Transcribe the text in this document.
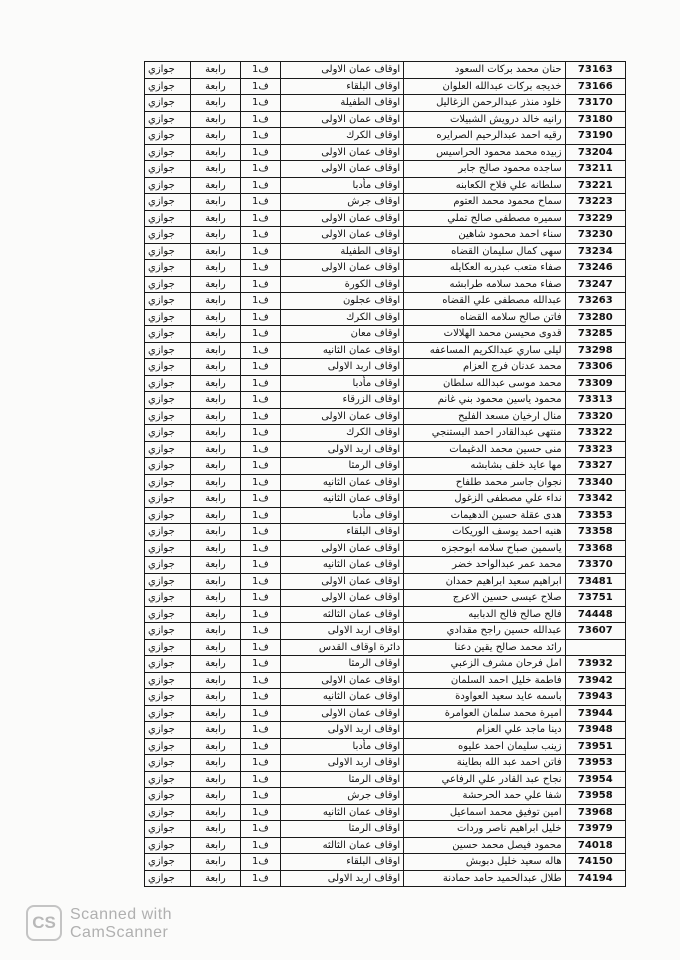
73163	حنان محمد بركات السعود	اوقاف عمان الاولى	ف1	رابعة	جوازي
73166	خديجه بركات عبدالله العلوان	اوقاف البلقاء	ف1	رابعة	جوازي
73170	خلود منذر عبدالرحمن الزغاليل	اوقاف الطفيلة	ف1	رابعة	جوازي
73180	رانيه خالد درويش الشبيلات	اوقاف عمان الاولى	ف1	رابعة	جوازي
73190	رقيه احمد عبدالرحيم الصرايره	اوقاف الكرك	ف1	رابعة	جوازي
73204	زبيده محمد محمود الحراسيس	اوقاف عمان الاولى	ف1	رابعة	جوازي
73211	ساجده محمود صالح جابر	اوقاف عمان الاولى	ف1	رابعة	جوازي
73221	سلطانه علي فلاح الكعابنه	اوقاف مأدبا	ف1	رابعة	جوازي
73223	سماح محمود محمد العتوم	اوقاف جرش	ف1	رابعة	جوازي
73229	سميره مصطفى صالح تملي	اوقاف عمان الاولى	ف1	رابعة	جوازي
73230	سناء احمد محمود شاهين	اوقاف عمان الاولى	ف1	رابعة	جوازي
73234	سهى كمال سليمان القضاه	اوقاف الطفيلة	ف1	رابعة	جوازي
73246	صفاء متعب عبدربه العكايله	اوقاف عمان الاولى	ف1	رابعة	جوازي
73247	صفاء محمد سلامه طرابشه	اوقاف الكورة	ف1	رابعة	جوازي
73263	عبدالله مصطفى علي القضاه	اوقاف عجلون	ف1	رابعة	جوازي
73280	فاتن صالح سلامه القضاه	اوقاف الكرك	ف1	رابعة	جوازي
73285	قدوى محيسن محمد الهلالات	اوقاف معان	ف1	رابعة	جوازي
73298	ليلى ساري عبدالكريم المساعفه	اوقاف عمان الثانيه	ف1	رابعة	جوازي
73306	محمد عدنان فرج العزام	اوقاف اربد الاولى	ف1	رابعة	جوازي
73309	محمد موسى عبدالله سلطان	اوقاف مأدبا	ف1	رابعة	جوازي
73313	محمود ياسين محمود بني غانم	اوقاف الزرقاء	ف1	رابعة	جوازي
73320	منال ارخيان مسعد الفليح	اوقاف عمان الاولى	ف1	رابعة	جوازي
73322	منتهى عبدالقادر احمد البستنجي	اوقاف الكرك	ف1	رابعة	جوازي
73323	منى حسين محمد الدغيمات	اوقاف اربد الاولى	ف1	رابعة	جوازي
73327	مها عايد خلف بشابشه	اوقاف الرمثا	ف1	رابعة	جوازي
73340	نجوان جاسر محمد طلفاح	اوقاف عمان الثانيه	ف1	رابعة	جوازي
73342	نداء علي مصطفى الزغول	اوقاف عمان الثانيه	ف1	رابعة	جوازي
73353	هدى عقلة حسين الدهيمات	اوقاف مأدبا	ف1	رابعة	جوازي
73358	هنيه احمد يوسف الوريكات	اوقاف البلقاء	ف1	رابعة	جوازي
73368	ياسمين صباح سلامه ابوحجزه	اوقاف عمان الاولى	ف1	رابعة	جوازي
73370	محمد عمر عبدالواحد خضر	اوقاف عمان الثانيه	ف1	رابعة	جوازي
73481	ابراهيم سعيد ابراهيم حمدان	اوقاف عمان الاولى	ف1	رابعة	جوازي
73751	صلاح عيسى حسين الاعرج	اوقاف عمان الاولى	ف1	رابعة	جوازي
74448	فالح صالح فالح الدبابيه	اوقاف عمان الثالثه	ف1	رابعة	جوازي
73607	عبدالله حسين راجح مقدادي	اوقاف اربد الاولى	ف1	رابعة	جوازي
	رائد محمد صالح يقين دعنا	دائرة اوقاف القدس	ف1	رابعة	جوازي
73932	امل فرحان مشرف الزعبي	اوقاف الرمثا	ف1	رابعة	جوازي
73942	فاطمة خليل احمد السلمان	اوقاف عمان الاولى	ف1	رابعة	جوازي
73943	باسمه عايد سعيد العواودة	اوقاف عمان الثانيه	ف1	رابعة	جوازي
73944	اميرة محمد سلمان العوامرة	اوقاف عمان الاولى	ف1	رابعة	جوازي
73948	دينا ماجد علي العزام	اوقاف اربد الاولى	ف1	رابعة	جوازي
73951	زينب سليمان احمد عليوه	اوقاف مأدبا	ف1	رابعة	جوازي
73953	فاتن احمد عبد الله بطاينة	اوقاف اربد الاولى	ف1	رابعة	جوازي
73954	نجاح عبد القادر علي الرفاعي	اوقاف الرمثا	ف1	رابعة	جوازي
73958	شفا علي حمد الحرحشة	اوقاف جرش	ف1	رابعة	جوازي
73968	امين توفيق محمد اسماعيل	اوقاف عمان الثانيه	ف1	رابعة	جوازي
73979	خليل ابراهيم ناصر وردات	اوقاف الرمثا	ف1	رابعة	جوازي
74018	محمود فيصل محمد حسين	اوقاف عمان الثالثه	ف1	رابعة	جوازي
74150	هاله سعيد خليل دبوبش	اوقاف البلقاء	ف1	رابعة	جوازي
74194	طلال عبدالحميد حامد حمادنة	اوقاف اربد الاولى	ف1	رابعة	جوازي
CS Scanned with
CamScanner
